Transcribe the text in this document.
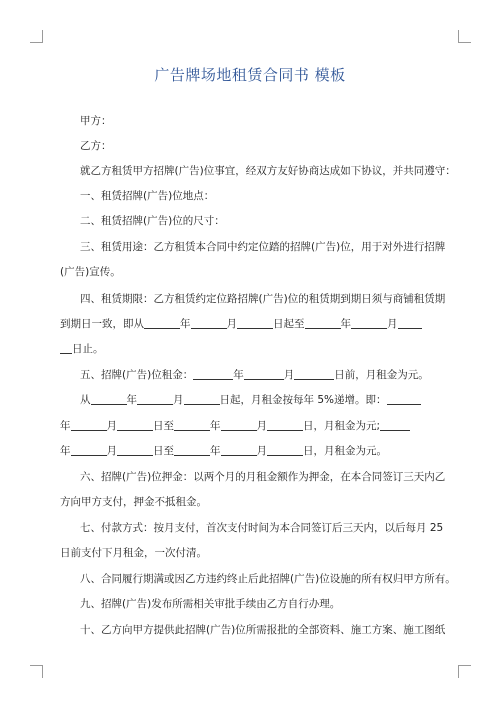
广告牌场地租赁合同书 模板
甲方：
乙方：
就乙方租赁甲方招牌(广告)位事宜，经双方友好协商达成如下协议，并共同遵守：
一、租赁招牌(广告)位地点：
二、租赁招牌(广告)位的尺寸：
三、租赁用途：乙方租赁本合同中约定位踏的招牌(广告)位，用于对外进行招牌
(广告)宣传。
四、租赁期限：乙方租赁约定位路招牌(广告)位的租赁期到期日须与商铺租赁期
到期日一致，即从	年	月	日起至	年	月
日止。
五、招牌(广告)位租金：	年	月	日前，月租金为元。
从	年	月	日起，月租金按每年 5%递增。即：
年	月	日至	年	月	日，月租金为元;
年	月	日至	年	月	日，月租金为元。
六、招牌(广告)位押金：以两个月的月租金额作为押金，在本合同签订三天内乙
方向甲方支付，押金不抵租金。
七、付款方式：按月支付，首次支付时间为本合同签订后三天内，以后每月 25
日前支付下月租金，一次付清。
八、合同履行期满或因乙方违约终止后此招牌(广告)位设施的所有权归甲方所有。
九、招牌(广告)发布所需相关审批手续由乙方自行办理。
十、乙方向甲方提供此招牌(广告)位所需报批的全部资料、施工方案、施工图纸
